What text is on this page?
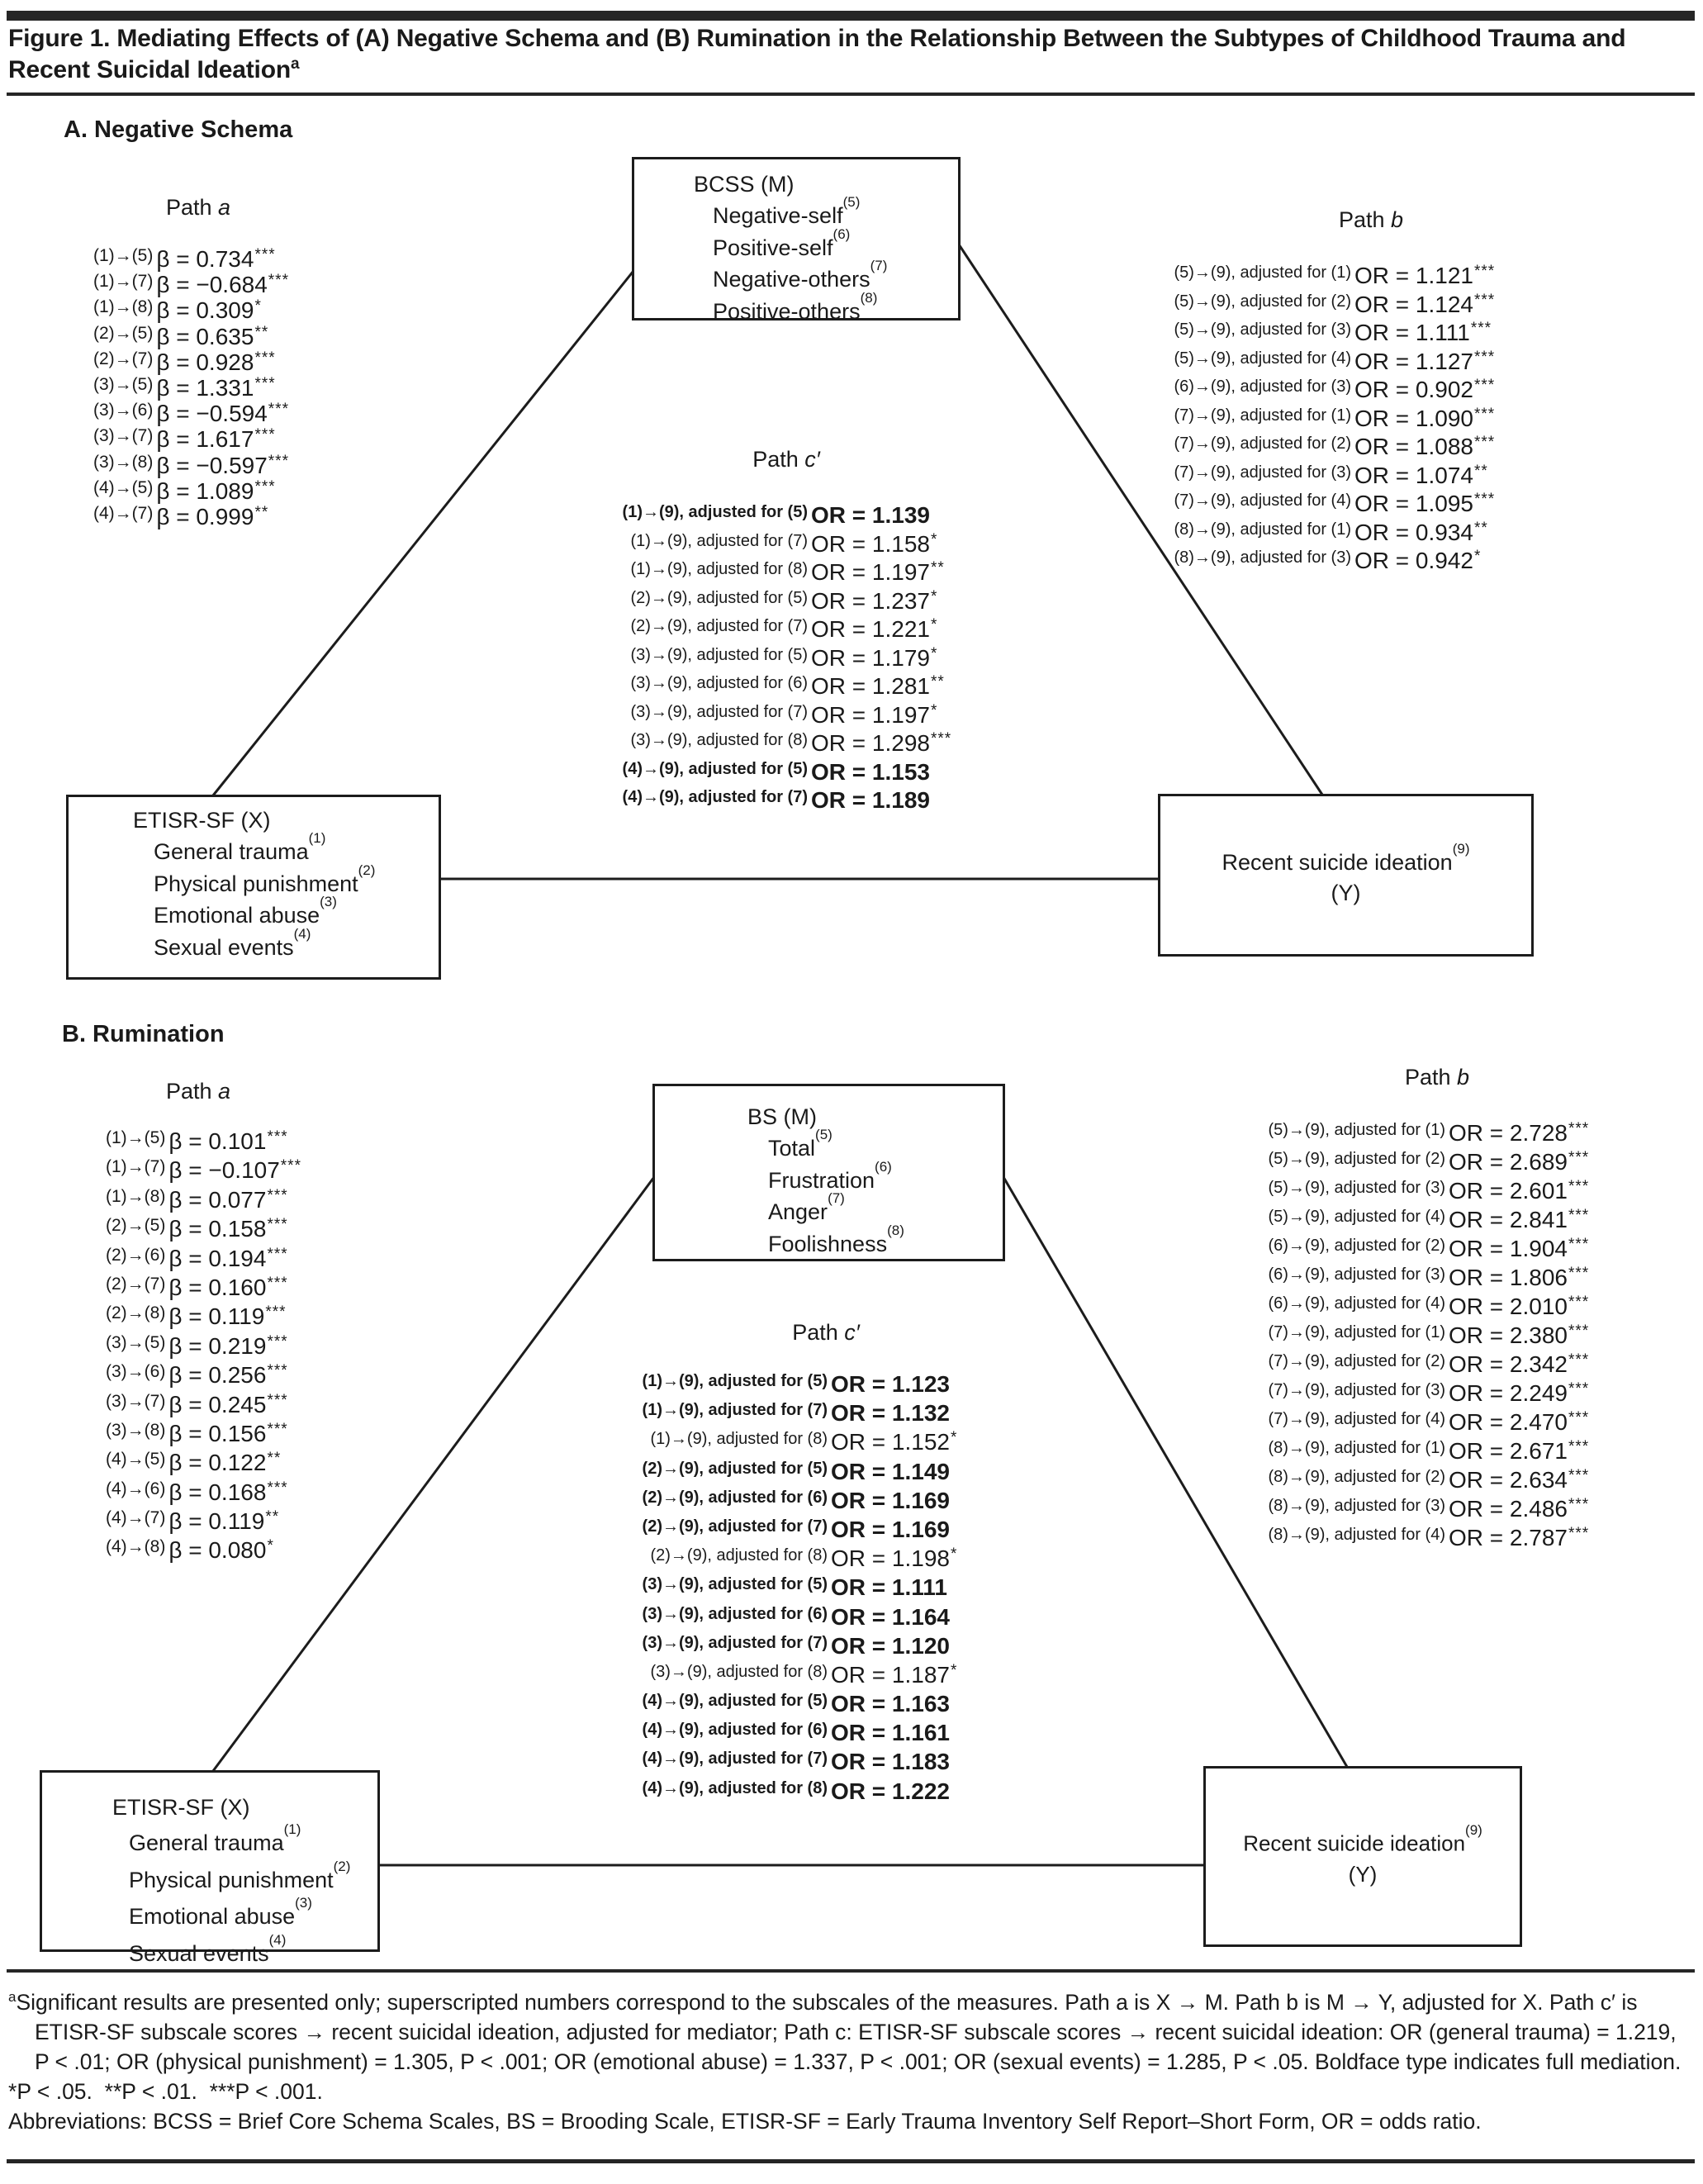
Figure 1. Mediating Effects of (A) Negative Schema and (B) Rumination in the Relationship Between the Subtypes of Childhood Trauma and Recent Suicidal Ideation$^a$
A. Negative Schema
Path a	Path b
Path c′
BCSS (M)
Negative-self$^{(5)}$
Positive-self$^{(6)}$
Negative-others$^{(7)}$
Positive-others$^{(8)}$
ETISR-SF (X)
General trauma$^{(1)}$
Physical punishment$^{(2)}$
Emotional abuse$^{(3)}$
Sexual events$^{(4)}$
Recent suicide ideation$^{(9)}$
(Y)
(1)→(5) β = 0.734***
(1)→(7) β = −0.684***
(1)→(8) β = 0.309*
(2)→(5) β = 0.635**
(2)→(7) β = 0.928***
(3)→(5) β = 1.331***
(3)→(6) β = −0.594***
(3)→(7) β = 1.617***
(3)→(8) β = −0.597***
(4)→(5) β = 1.089***
(4)→(7) β = 0.999**
(5)→(9), adjusted for (1) OR = 1.121***
(5)→(9), adjusted for (2) OR = 1.124***
(5)→(9), adjusted for (3) OR = 1.111***
(5)→(9), adjusted for (4) OR = 1.127***
(6)→(9), adjusted for (3) OR = 0.902***
(7)→(9), adjusted for (1) OR = 1.090***
(7)→(9), adjusted for (2) OR = 1.088***
(7)→(9), adjusted for (3) OR = 1.074**
(7)→(9), adjusted for (4) OR = 1.095***
(8)→(9), adjusted for (1) OR = 0.934**
(8)→(9), adjusted for (3) OR = 0.942*
(1)→(9), adjusted for (5) OR = 1.139
(1)→(9), adjusted for (7) OR = 1.158*
(1)→(9), adjusted for (8) OR = 1.197**
(2)→(9), adjusted for (5) OR = 1.237*
(2)→(9), adjusted for (7) OR = 1.221*
(3)→(9), adjusted for (5) OR = 1.179*
(3)→(9), adjusted for (6) OR = 1.281**
(3)→(9), adjusted for (7) OR = 1.197*
(3)→(9), adjusted for (8) OR = 1.298***
(4)→(9), adjusted for (5) OR = 1.153
(4)→(9), adjusted for (7) OR = 1.189
B. Rumination
Path a
Path b
Path c′
BS (M)
Total$^{(5)}$
Frustration$^{(6)}$
Anger$^{(7)}$
Foolishness$^{(8)}$
ETISR-SF (X)
General trauma$^{(1)}$
Physical punishment$^{(2)}$
Emotional abuse$^{(3)}$
Sexual events$^{(4)}$
Recent suicide ideation$^{(9)}$
(Y)
(1)→(5) β = 0.101***
(1)→(7) β = −0.107***
(1)→(8) β = 0.077***
(2)→(5) β = 0.158***
(2)→(6) β = 0.194***
(2)→(7) β = 0.160***
(2)→(8) β = 0.119***
(3)→(5) β = 0.219***
(3)→(6) β = 0.256***
(3)→(7) β = 0.245***
(3)→(8) β = 0.156***
(4)→(5) β = 0.122**
(4)→(6) β = 0.168***
(4)→(7) β = 0.119**
(4)→(8) β = 0.080*
(5)→(9), adjusted for (1) OR = 2.728***
(5)→(9), adjusted for (2) OR = 2.689***
(5)→(9), adjusted for (3) OR = 2.601***
(5)→(9), adjusted for (4) OR = 2.841***
(6)→(9), adjusted for (2) OR = 1.904***
(6)→(9), adjusted for (3) OR = 1.806***
(6)→(9), adjusted for (4) OR = 2.010***
(7)→(9), adjusted for (1) OR = 2.380***
(7)→(9), adjusted for (2) OR = 2.342***
(7)→(9), adjusted for (3) OR = 2.249***
(7)→(9), adjusted for (4) OR = 2.470***
(8)→(9), adjusted for (1) OR = 2.671***
(8)→(9), adjusted for (2) OR = 2.634***
(8)→(9), adjusted for (3) OR = 2.486***
(8)→(9), adjusted for (4) OR = 2.787***
(1)→(9), adjusted for (5) OR = 1.123
(1)→(9), adjusted for (7) OR = 1.132
(1)→(9), adjusted for (8) OR = 1.152*
(2)→(9), adjusted for (5) OR = 1.149
(2)→(9), adjusted for (6) OR = 1.169
(2)→(9), adjusted for (7) OR = 1.169
(2)→(9), adjusted for (8) OR = 1.198*
(3)→(9), adjusted for (5) OR = 1.111
(3)→(9), adjusted for (6) OR = 1.164
(3)→(9), adjusted for (7) OR = 1.120
(3)→(9), adjusted for (8) OR = 1.187*
(4)→(9), adjusted for (5) OR = 1.163
(4)→(9), adjusted for (6) OR = 1.161
(4)→(9), adjusted for (7) OR = 1.183
(4)→(9), adjusted for (8) OR = 1.222
$^a$Significant results are presented only; superscripted numbers correspond to the subscales of the measures. Path a is X → M. Path b is M → Y, adjusted for X. Path c′ is ETISR-SF subscale scores → recent suicidal ideation, adjusted for mediator; Path c: ETISR-SF subscale scores → recent suicidal ideation: OR (general trauma) = 1.219, P < .01; OR (physical punishment) = 1.305, P < .001; OR (emotional abuse) = 1.337, P < .001; OR (sexual events) = 1.285, P < .05. Boldface type indicates full mediation.
*P < .05.  **P < .01.  ***P < .001.
Abbreviations: BCSS = Brief Core Schema Scales, BS = Brooding Scale, ETISR-SF = Early Trauma Inventory Self Report–Short Form, OR = odds ratio.
